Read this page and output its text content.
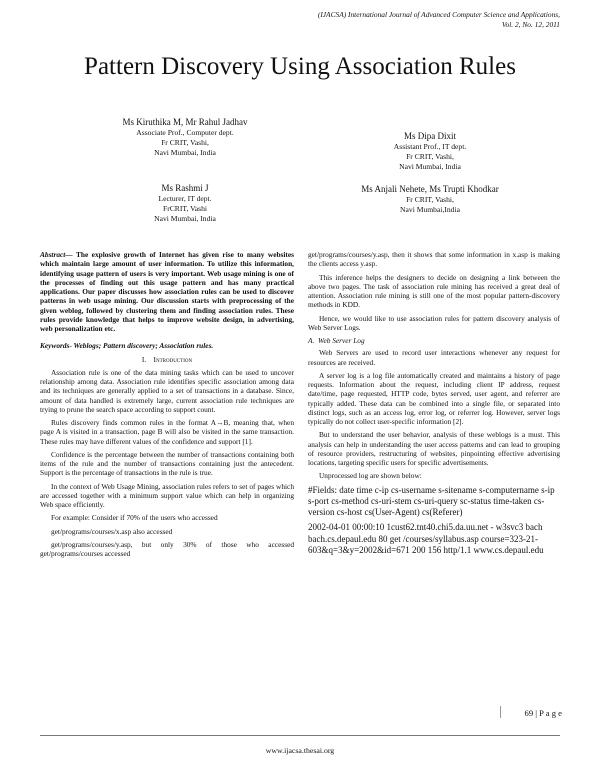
(IJACSA) International Journal of Advanced Computer Science and Applications,
Vol. 2, No. 12, 2011
Pattern Discovery Using Association Rules
Ms Kiruthika M, Mr Rahul Jadhav
Associate Prof., Computer dept.
Fr CRIT, Vashi,
Navi Mumbai, India
Ms Dipa Dixit
Assistant Prof., IT dept.
Fr CRIT, Vashi,
Navi Mumbai, India
Ms Rashmi J
Lecturer, IT dept.
FrCRIT, Vashi
Navi Mumbai, India
Ms Anjali Nehete, Ms Trupti Khodkar
Fr CRIT, Vashi,
Navi Mumbai,India

Abstract— The explosive growth of Internet has given rise to many websites which maintain large amount of user information. To utilize this information, identifying usage pattern of users is very important. Web usage mining is one of the processes of finding out this usage pattern and has many practical applications. Our paper discusses how association rules can be used to discover patterns in web usage mining. Our discussion starts with preprocessing of the given weblog, followed by clustering them and finding association rules. These rules provide knowledge that helps to improve website design, in advertising, web personalization etc.

Keywords- Weblogs; Pattern discovery; Association rules.

I. Introduction

Association rule is one of the data mining tasks which can be used to uncover relationship among data. Association rule identifies specific association among data and its techniques are generally applied to a set of transactions in a database. Since, amount of data handled is extremely large, current association rule techniques are trying to prune the search space according to support count.

Rules discovery finds common rules in the format A→B, meaning that, when page A is visited in a transaction, page B will also be visited in the same transaction. These rules may have different values of the confidence and support [1].

Confidence is the percentage between the number of transactions containing both items of the rule and the number of transactions containing just the antecedent. Support is the percentage of transactions in the rule is true.

In the context of Web Usage Mining, association rules refers to set of pages which are accessed together with a minimum support value which can help in organizing Web space efficiently.

For example: Consider if 70% of the users who accessed

get/programs/courses/x.asp also accessed

get/programs/courses/y.asp, but only 30% of those who accessed get/programs/courses accessed

get/programs/courses/y.asp, then it shows that some information in x.asp is making the clients access y.asp.

This inference helps the designers to decide on designing a link between the above two pages. The task of association rule mining has received a great deal of attention. Association rule mining is still one of the most popular pattern-discovery methods in KDD.

Hence, we would like to use association rules for pattern discovery analysis of Web Server Logs.

A. Web Server Log

Web Servers are used to record user interactions whenever any request for resources are received.

A server log is a log file automatically created and maintains a history of page requests. Information about the request, including client IP address, request date/time, page requested, HTTP code, bytes served, user agent, and referrer are typically added. These data can be combined into a single file, or separated into distinct logs, such as an access log, error log, or referrer log. However, server logs typically do not collect user-specific information [2].

But to understand the user behavior, analysis of these weblogs is a must. This analysis can help in understanding the user access patterns and can lead to grouping of resource providers, restructuring of websites, pinpointing effective advertising locations, targeting specific users for specific advertisements.

Unprocessed log are shown below:

#Fields: date time c-ip cs-username s-sitename s-computername s-ip s-port cs-method cs-uri-stem cs-uri-query sc-status time-taken cs-version cs-host cs(User-Agent) cs(Referer)

2002-04-01 00:00:10 1cust62.tnt40.chi5.da.uu.net - w3svc3 bach bach.cs.depaul.edu 80 get /courses/syllabus.asp course=323-21-603&q=3&y=2002&id=671 200 156 http/1.1 www.cs.depaul.edu

69 | P a g e
www.ijacsa.thesai.org
